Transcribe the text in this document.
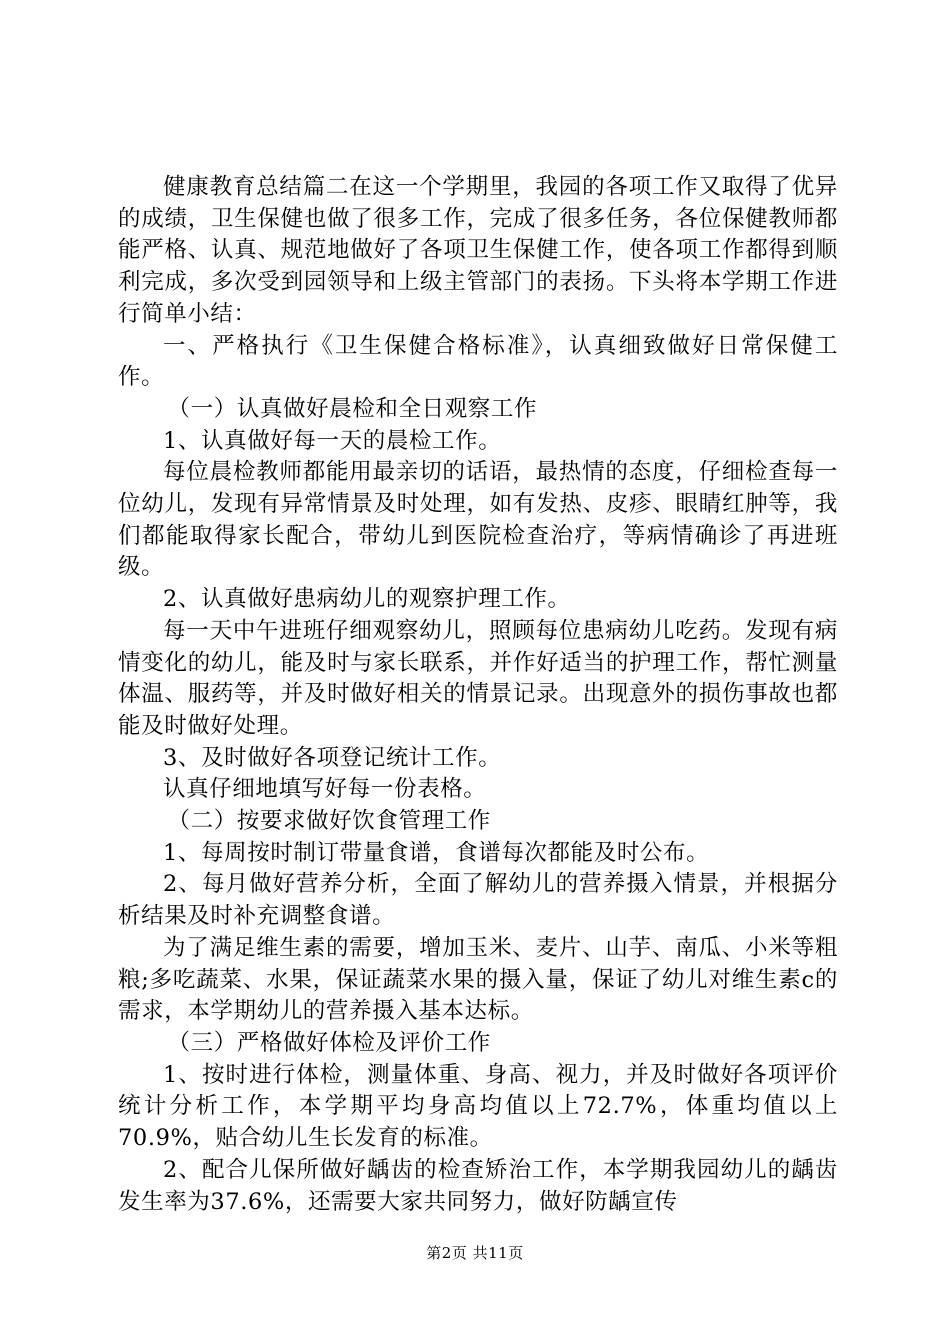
健康教育总结篇二在这一个学期里，我园的各项工作又取得了优异的成绩，卫生保健也做了很多工作，完成了很多任务，各位保健教师都能严格、认真、规范地做好了各项卫生保健工作，使各项工作都得到顺利完成，多次受到园领导和上级主管部门的表扬。下头将本学期工作进行简单小结：

一、严格执行《卫生保健合格标准》，认真细致做好日常保健工作。

（一）认真做好晨检和全日观察工作

1、认真做好每一天的晨检工作。

每位晨检教师都能用最亲切的话语，最热情的态度，仔细检查每一位幼儿，发现有异常情景及时处理，如有发热、皮疹、眼睛红肿等，我们都能取得家长配合，带幼儿到医院检查治疗，等病情确诊了再进班级。

2、认真做好患病幼儿的观察护理工作。

每一天中午进班仔细观察幼儿，照顾每位患病幼儿吃药。发现有病情变化的幼儿，能及时与家长联系，并作好适当的护理工作，帮忙测量体温、服药等，并及时做好相关的情景记录。出现意外的损伤事故也都能及时做好处理。

3、及时做好各项登记统计工作。

认真仔细地填写好每一份表格。

（二）按要求做好饮食管理工作

1、每周按时制订带量食谱，食谱每次都能及时公布。

2、每月做好营养分析，全面了解幼儿的营养摄入情景，并根据分析结果及时补充调整食谱。

为了满足维生素的需要，增加玉米、麦片、山芋、南瓜、小米等粗粮;多吃蔬菜、水果，保证蔬菜水果的摄入量，保证了幼儿对维生素c的需求，本学期幼儿的营养摄入基本达标。

（三）严格做好体检及评价工作

1、按时进行体检，测量体重、身高、视力，并及时做好各项评价统计分析工作，本学期平均身高均值以上72.7%，体重均值以上70.9%，贴合幼儿生长发育的标准。

2、配合儿保所做好龋齿的检查矫治工作，本学期我园幼儿的龋齿发生率为37.6%，还需要大家共同努力，做好防龋宣传

第2页 共11页
